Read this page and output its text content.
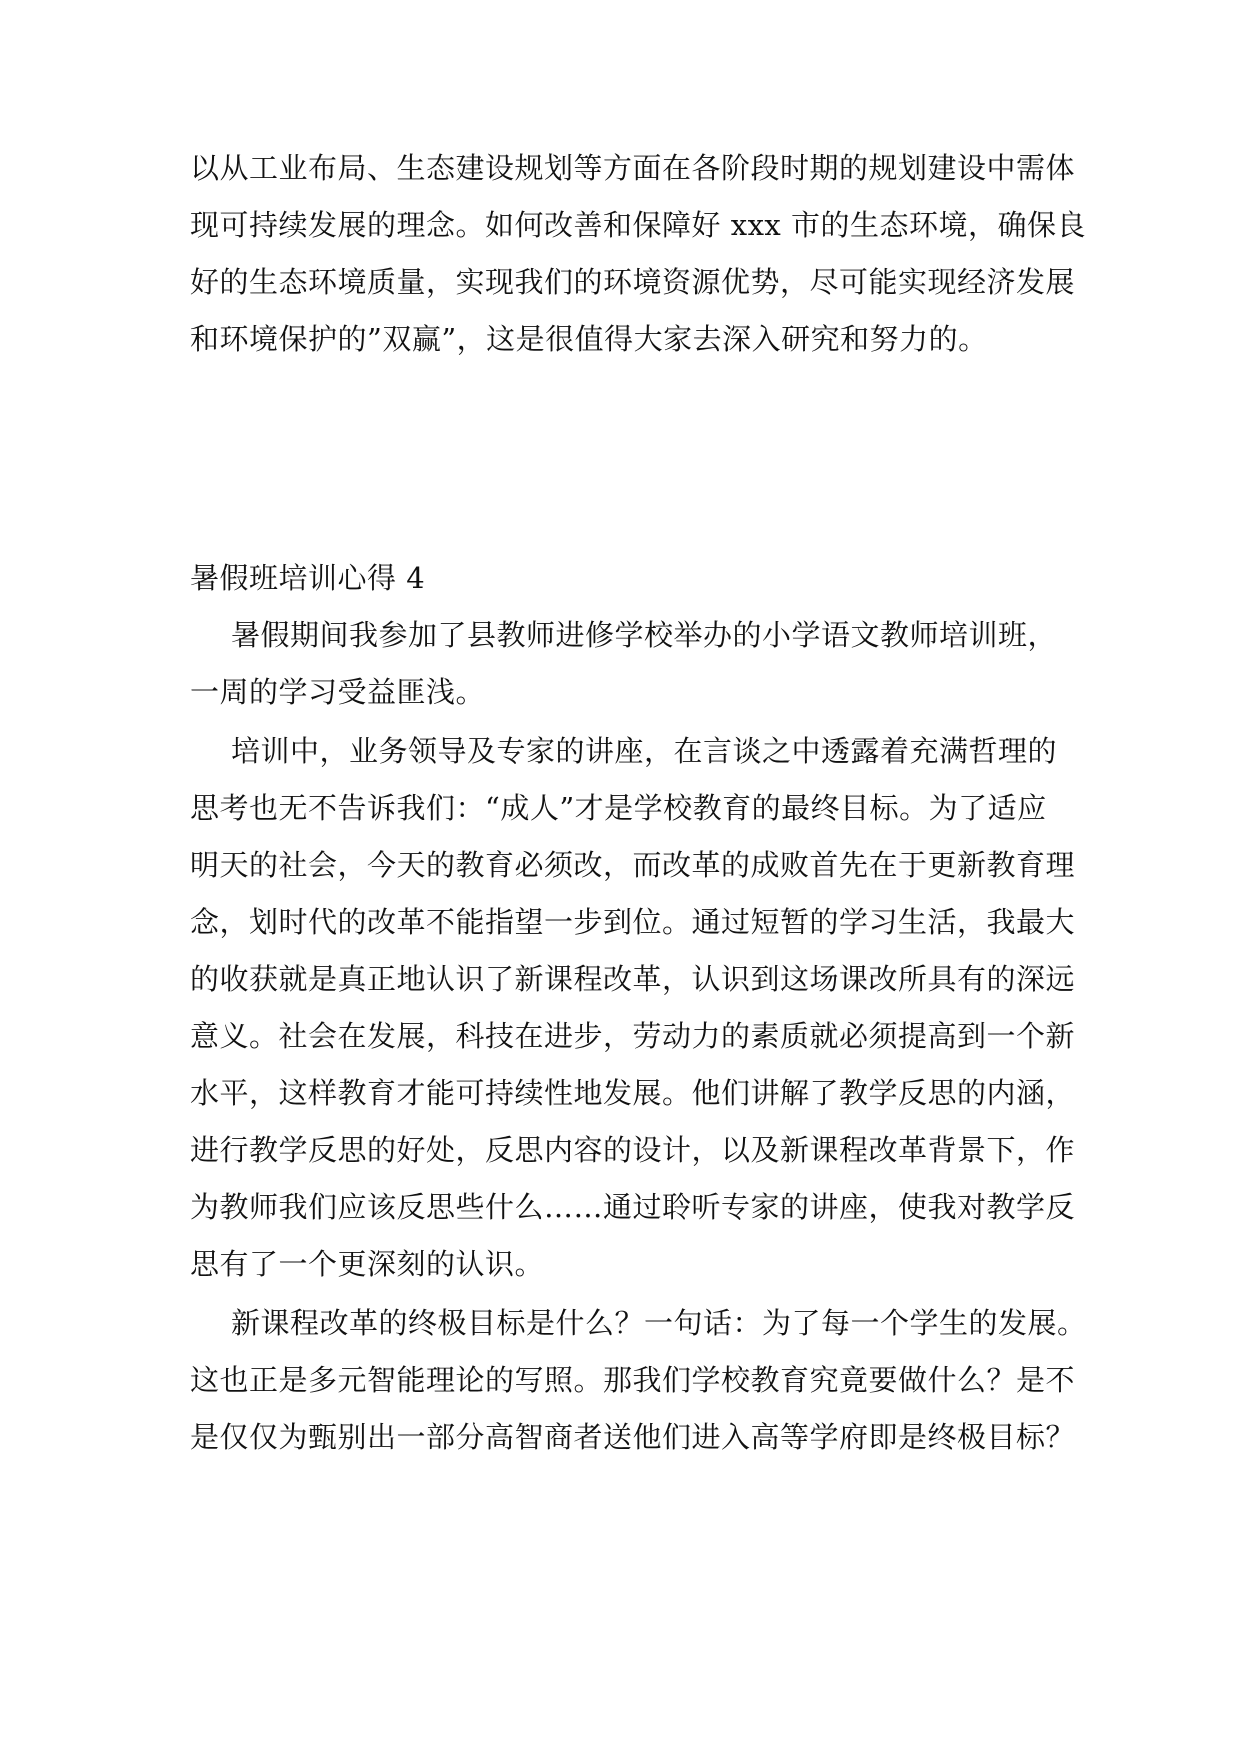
以从工业布局、生态建设规划等方面在各阶段时期的规划建设中需体
现可持续发展的理念。如何改善和保障好 xxx 市的生态环境，确保良
好的生态环境质量，实现我们的环境资源优势，尽可能实现经济发展
和环境保护的”双赢”，这是很值得大家去深入研究和努力的。
暑假班培训心得 4
暑假期间我参加了县教师进修学校举办的小学语文教师培训班，
一周的学习受益匪浅。
培训中，业务领导及专家的讲座，在言谈之中透露着充满哲理的
思考也无不告诉我们：“成人”才是学校教育的最终目标。为了适应
明天的社会，今天的教育必须改，而改革的成败首先在于更新教育理
念，划时代的改革不能指望一步到位。通过短暂的学习生活，我最大
的收获就是真正地认识了新课程改革，认识到这场课改所具有的深远
意义。社会在发展，科技在进步，劳动力的素质就必须提高到一个新
水平，这样教育才能可持续性地发展。他们讲解了教学反思的内涵，
进行教学反思的好处，反思内容的设计，以及新课程改革背景下，作
为教师我们应该反思些什么……通过聆听专家的讲座，使我对教学反
思有了一个更深刻的认识。
新课程改革的终极目标是什么？一句话：为了每一个学生的发展。
这也正是多元智能理论的写照。那我们学校教育究竟要做什么？是不
是仅仅为甄别出一部分高智商者送他们进入高等学府即是终极目标？
